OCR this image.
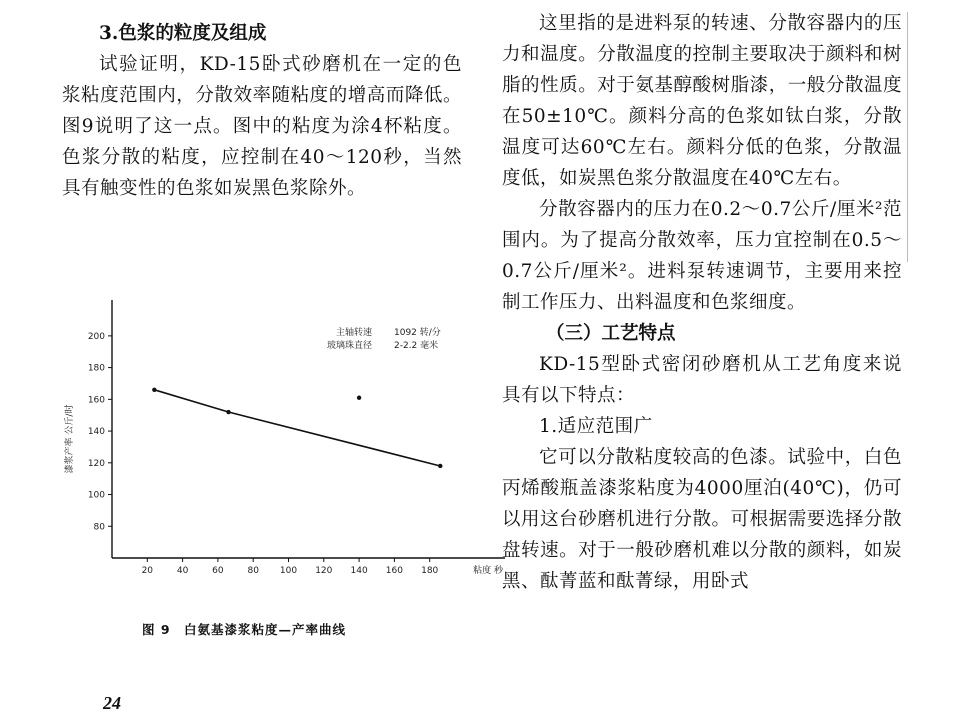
3.色浆的粒度及组成

试验证明，KD-15卧式砂磨机在一定的色浆粘度范围内，分散效率随粘度的增高而降低。图9说明了这一点。图中的粘度为涂4杯粘度。色浆分散的粘度，应控制在40～120秒，当然具有触变性的色浆如炭黑色浆除外。

80
100
120
140
160
180
200
20	40	60	80 100 120 140 160 180	粘度 秒
漆浆产率 公斤/时
主轴转速 1092 转/分
玻璃珠直径 2-2.2 毫米
图 9　白氨基漆浆粘度—产率曲线

这里指的是进料泵的转速、分散容器内的压力和温度。分散温度的控制主要取决于颜料和树脂的性质。对于氨基醇酸树脂漆，一般分散温度在50±10℃。颜料分高的色浆如钛白浆，分散温度可达60℃左右。颜料分低的色浆，分散温度低，如炭黑色浆分散温度在40℃左右。

分散容器内的压力在0.2～0.7公斤/厘米²范围内。为了提高分散效率，压力宜控制在0.5～0.7公斤/厘米²。进料泵转速调节，主要用来控制工作压力、出料温度和色浆细度。

（三）工艺特点

KD-15型卧式密闭砂磨机从工艺角度来说具有以下特点：

1.适应范围广

它可以分散粘度较高的色漆。试验中，白色丙烯酸瓶盖漆浆粘度为4000厘泊(40℃)，仍可以用这台砂磨机进行分散。可根据需要选择分散盘转速。对于一般砂磨机难以分散的颜料，如炭黑、酞菁蓝和酞菁绿，用卧式

24
